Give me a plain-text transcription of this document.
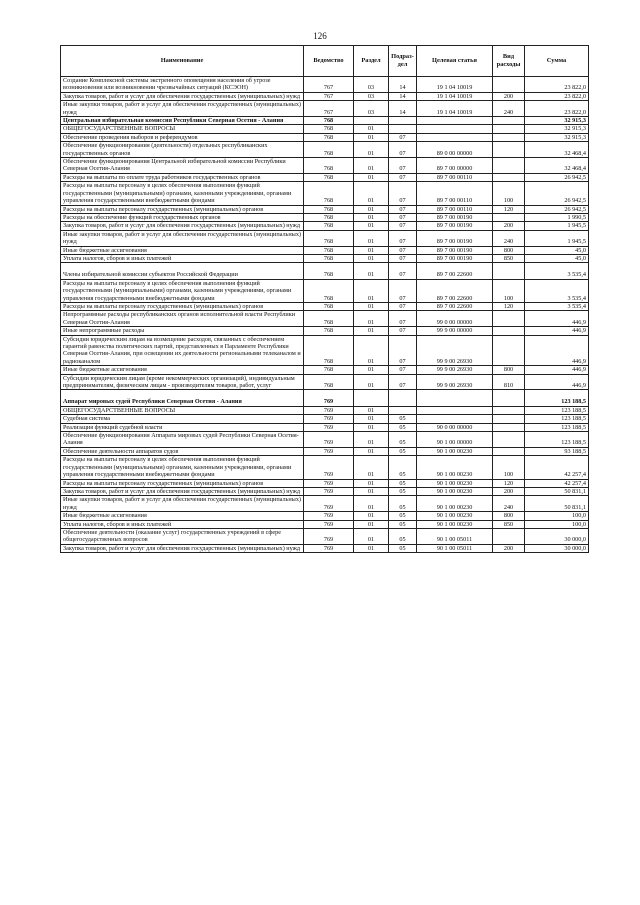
126
Наименование	Ведомство	Раздел	Подраз-дел	Целевая статья	Вид расходы	Сумма
Создание Комплексной системы экстренного оповещения населения об угрозе возникновения или возникновении чрезвычайных ситуаций (КСЭОН)	767	03	14	19 1 04 10019		23 822,0
Закупка товаров, работ и услуг для обеспечения государственных (муниципальных) нужд	767	03	14	19 1 04 10019	200	23 822,0
Иные закупки товаров, работ и услуг для обеспечения государственных (муниципальных) нужд	767	03	14	19 1 04 10019	240	23 822,0
Центральная избирательная комиссия Республики Северная Осетия - Алания	768					32 915,3
ОБЩЕГОСУДАРСТВЕННЫЕ ВОПРОСЫ	768	01				32 915,3
Обеспечение проведения выборов и референдумов	768	01	07			32 915,3
Обеспечение функционирования (деятельности) отдельных республиканских государственных органов	768	01	07	89 0 00 00000		32 468,4
Обеспечение функционирования Центральной избирательной комиссии Республики Северная Осетия-Алания	768	01	07	89 7 00 00000		32 468,4
Расходы на выплаты по оплате труда работников государственных органов	768	01	07	89 7 00 00110		26 942,5
Расходы на выплаты персоналу в целях обеспечения выполнения функций государственными (муниципальными) органами, казенными учреждениями, органами управления государственными внебюджетными фондами	768	01	07	89 7 00 00110	100	26 942,5
Расходы на выплаты персоналу государственных (муниципальных) органов	768	01	07	89 7 00 00110	120	26 942,5
Расходы на обеспечение функций государственных органов	768	01	07	89 7 00 00190		1 990,5
Закупка товаров, работ и услуг для обеспечения государственных (муниципальных) нужд	768	01	07	89 7 00 00190	200	1 945,5
Иные закупки товаров, работ и услуг для обеспечения государственных (муниципальных) нужд	768	01	07	89 7 00 00190	240	1 945,5
Иные бюджетные ассигнования	768	01	07	89 7 00 00190	800	45,0
Уплата налогов, сборов и иных платежей	768	01	07	89 7 00 00190	850	45,0
Члены избирательной комиссии субъектов Российской Федерации	768	01	07	89 7 00 22600		3 535,4
Расходы на выплаты персоналу в целях обеспечения выполнения функций государственными (муниципальными) органами, казенными учреждениями, органами управления государственными внебюджетными фондами	768	01	07	89 7 00 22600	100	3 535,4
Расходы на выплаты персоналу государственных (муниципальных) органов	768	01	07	89 7 00 22600	120	3 535,4
Непрограммные расходы республиканских органов исполнительной власти Республики Северная Осетия-Алания	768	01	07	99 0 00 00000		446,9
Иные непрограммные расходы	768	01	07	99 9 00 00000		446,9
Субсидии юридическим лицам на возмещение расходов, связанных с обеспечением гарантий равенства политических партий, представленных в Парламенте Республики Северная Осетия-Алания, при освещении их деятельности региональными телеканалом и радиоканалом	768	01	07	99 9 00 26930		446,9
Иные бюджетные ассигнования	768	01	07	99 9 00 26930	800	446,9
Субсидии юридическим лицам (кроме некоммерческих организаций), индивидуальным предпринимателям, физическим лицам - производителям товаров, работ, услуг	768	01	07	99 9 00 26930	810	446,9
Аппарат мировых судей Республики Северная Осетия - Алания	769					123 188,5
ОБЩЕГОСУДАРСТВЕННЫЕ ВОПРОСЫ	769	01				123 188,5
Судебная система	769	01	05			123 188,5
Реализация функций судебной власти	769	01	05	90 0 00 00000		123 188,5
Обеспечение функционирования Аппарата мировых судей Республики Северная Осетия-Алания	769	01	05	90 1 00 00000		123 188,5
Обеспечение деятельности аппаратов судов	769	01	05	90 1 00 00230		93 188,5
Расходы на выплаты персоналу в целях обеспечения выполнения функций государственными (муниципальными) органами, казенными учреждениями, органами управления государственными внебюджетными фондами	769	01	05	90 1 00 00230	100	42 257,4
Расходы на выплаты персоналу государственных (муниципальных) органов	769	01	05	90 1 00 00230	120	42 257,4
Закупка товаров, работ и услуг для обеспечения государственных (муниципальных) нужд	769	01	05	90 1 00 00230	200	50 831,1
Иные закупки товаров, работ и услуг для обеспечения государственных (муниципальных) нужд	769	01	05	90 1 00 00230	240	50 831,1
Иные бюджетные ассигнования	769	01	05	90 1 00 00230	800	100,0
Уплата налогов, сборов и иных платежей	769	01	05	90 1 00 00230	850	100,0
Обеспечение деятельности (оказание услуг) государственных учреждений в сфере общегосударственных вопросов	769	01	05	90 1 00 05011		30 000,0
Закупка товаров, работ и услуг для обеспечения государственных (муниципальных) нужд	769	01	05	90 1 00 05011	200	30 000,0
